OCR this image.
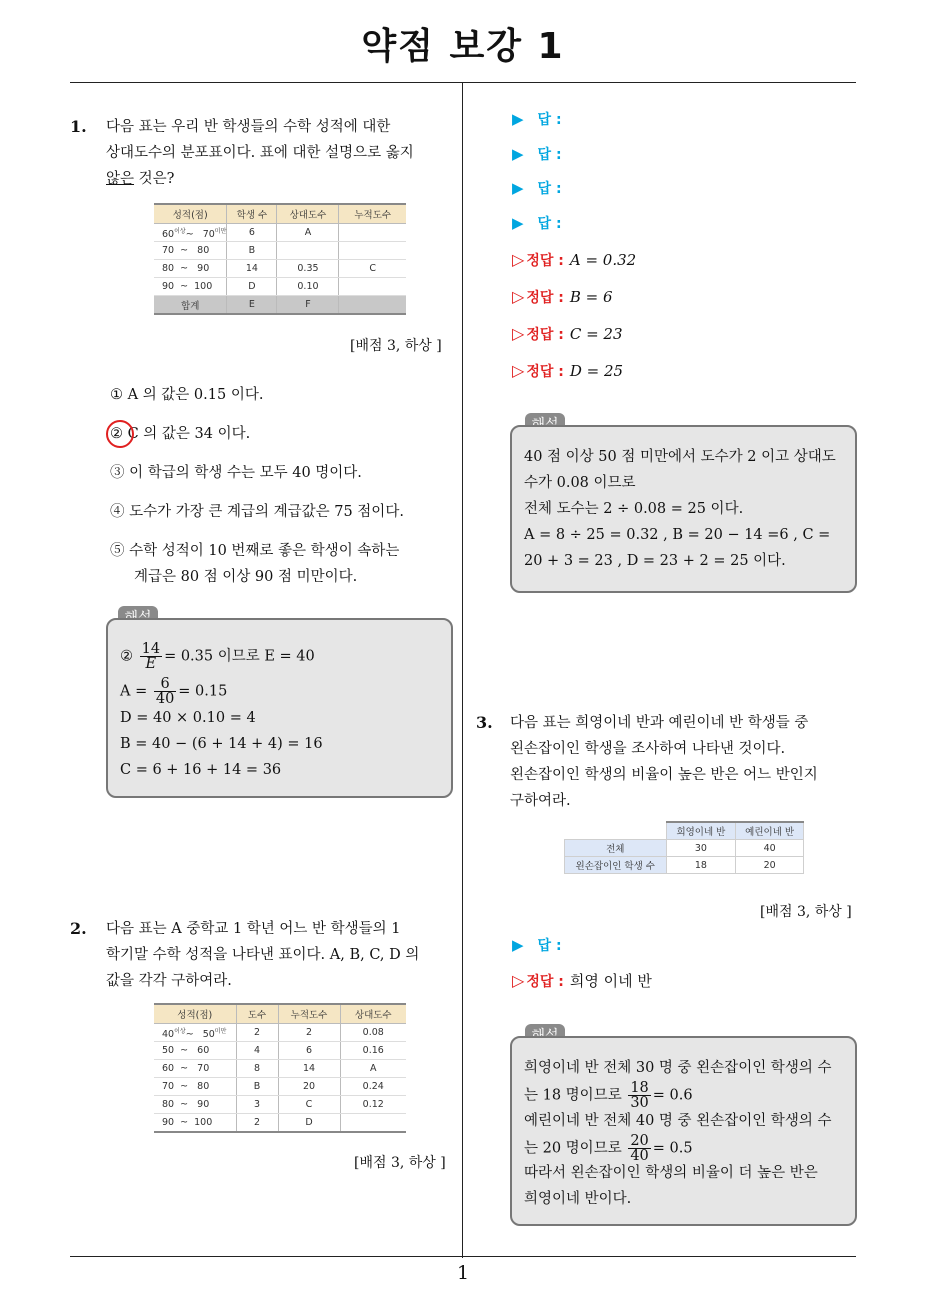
약점 보강 1
1
1. 다음 표는 우리 반 학생들의 수학 성적에 대한
상대도수의 분포표이다. 표에 대한 설명으로 옳지
않은 것은?
성적(점)	학생 수	상대도수	누적도수
$60^{이상}\sim$   $70^{미만}$	6	A	
70  ~   80	B		
80  ~   90	14	0.35	C
90  ~  100	D	0.10	
합계	E	F	
[배점 3, 하상 ]
① A 의 값은 0.15 이다.
② C 의 값은 34 이다.
③ 이 학급의 학생 수는 모두 40 명이다.
④ 도수가 가장 큰 계급의 계급값은 75 점이다.
⑤ 수학 성적이 10 번째로 좋은 학생이 속하는
계급은 80 점 이상 90 점 미만이다.
② $\frac{14}{E} = 0.35$ 이므로 E = 40
$A = \frac{6}{40} = 0.15$
D = 40 × 0.10 = 4
B = 40 − (6 + 14 + 4) = 16
C = 6 + 16 + 14 = 36
2. 다음 표는 A 중학교 1 학년 어느 반 학생들의 1
학기말 수학 성적을 나타낸 표이다. A, B, C, D 의
값을 각각 구하여라.
성적(점)	도수	누적도수	상대도수
$40^{이상}\sim$   $50^{미만}$	2	2	0.08
50  ~   60	4	6	0.16
60  ~   70	8	14	A
70  ~   80	B	20	0.24
80  ~   90	3	C	0.12
90  ~  100	2	D	
[배점 3, 하상 ]
▶ 답 :
▶ 답 :
▶ 답 :
▶ 답 :
▷ 정답 : A = 0.32
▷ 정답 : B = 6
▷ 정답 : C = 23
▷ 정답 : D = 25
40 점 이상 50 점 미만에서 도수가 2 이고 상대도
수가 0.08 이므로
전체 도수는 2 ÷ 0.08 = 25 이다.
A = 8 ÷ 25 = 0.32 , B = 20 − 14 =6 , C =
20 + 3 = 23 , D = 23 + 2 = 25 이다.
3. 다음 표는 희영이네 반과 예린이네 반 학생들 중
왼손잡이인 학생을 조사하여 나타낸 것이다.
왼손잡이인 학생의 비율이 높은 반은 어느 반인지
구하여라.
	희영이네 반	예린이네 반
전체	30	40
왼손잡이인 학생 수	18	20
[배점 3, 하상 ]
▶ 답 :
▷ 정답 : 희영 이네 반
희영이네 반 전체 30 명 중 왼손잡이인 학생의 수
는 18 명이므로 $\frac{18}{30} = 0.6$
예린이네 반 전체 40 명 중 왼손잡이인 학생의 수
는 20 명이므로 $\frac{20}{40} = 0.5$
따라서 왼손잡이인 학생의 비율이 더 높은 반은
희영이네 반이다.
